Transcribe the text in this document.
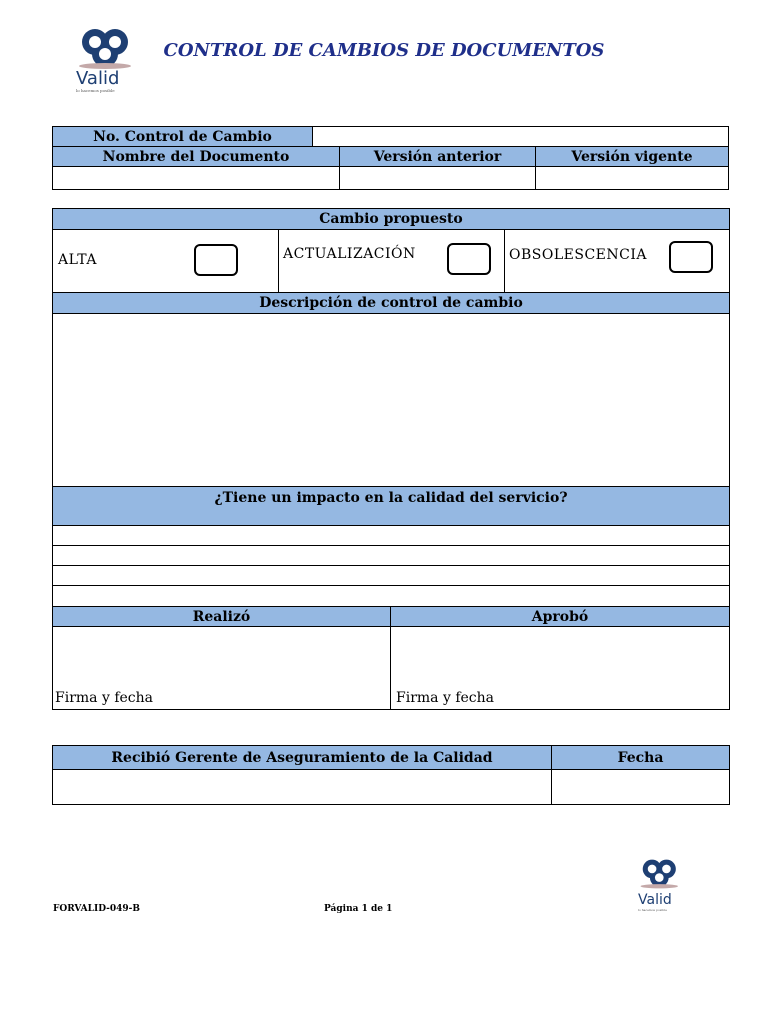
Valid
lo hacemos posible
CONTROL DE CAMBIOS DE DOCUMENTOS
No. Control de Cambio
Nombre del Documento	Versión anterior	Versión vigente
Cambio propuesto
ALTA	ACTUALIZACIÓN	OBSOLESCENCIA
Descripción de control de cambio
¿Tiene un impacto en la calidad del servicio?
Realizó	Aprobó
Firma y fecha	Firma y fecha
Recibió Gerente de Aseguramiento de la Calidad	Fecha
Valid
lo hacemos posible
FORVALID-049-B	Página 1 de 1
